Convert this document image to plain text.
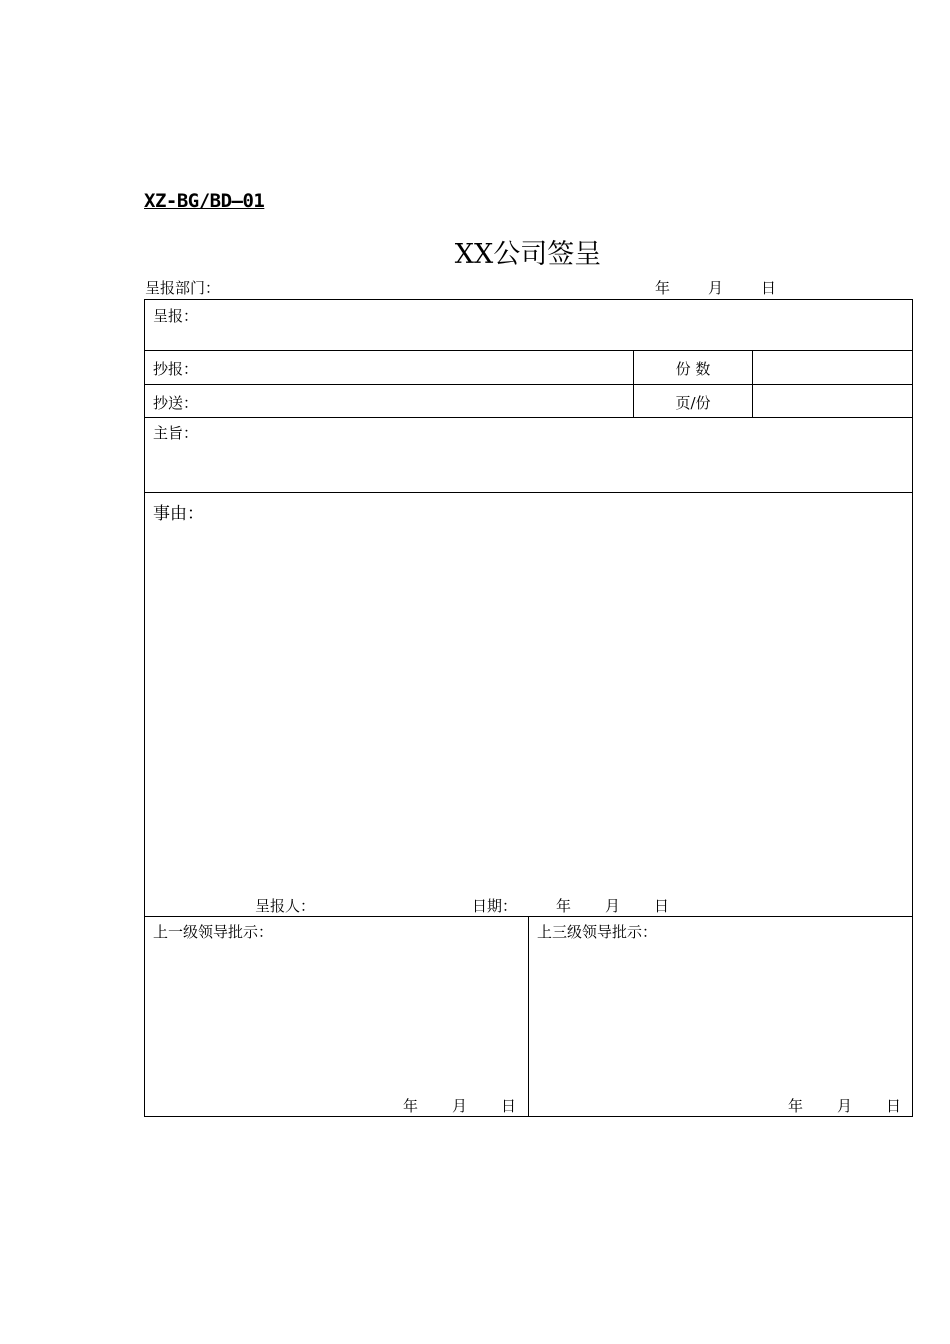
XZ-BG/BD—01
XX公司签呈
呈报部门：	年	月	日
呈报：
抄报：	份 数
抄送：	页/份
主旨：
事由：
呈报人：	日期：	年 月 日
上一级领导批示：
年 月 日
上三级领导批示：
年 月 日
